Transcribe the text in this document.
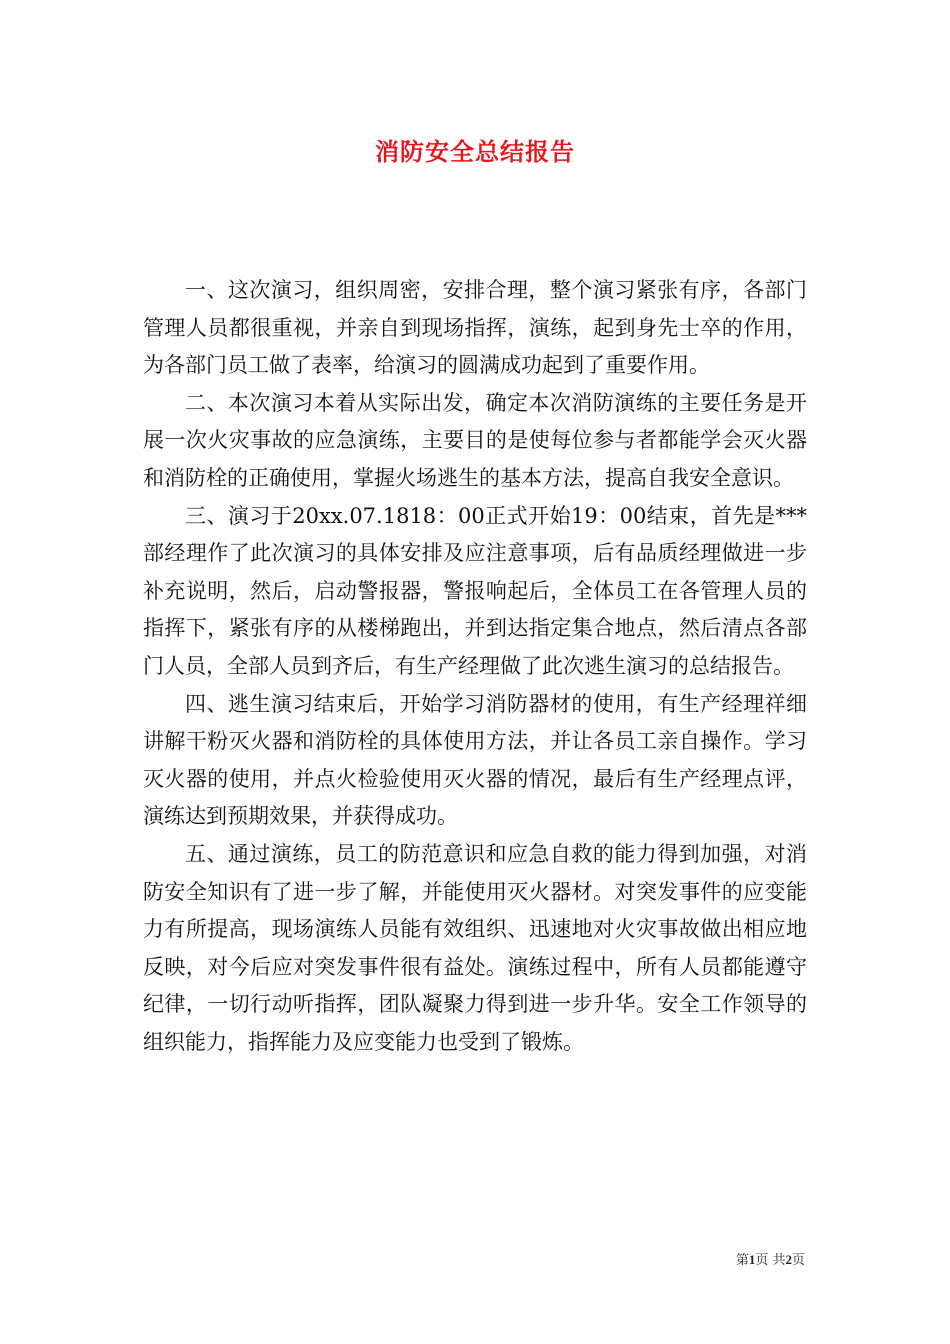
消防安全总结报告

一、这次演习，组织周密，安排合理，整个演习紧张有序，各部门管理人员都很重视，并亲自到现场指挥，演练，起到身先士卒的作用，为各部门员工做了表率，给演习的圆满成功起到了重要作用。

二、本次演习本着从实际出发，确定本次消防演练的主要任务是开展一次火灾事故的应急演练，主要目的是使每位参与者都能学会灭火器和消防栓的正确使用，掌握火场逃生的基本方法，提高自我安全意识。

三、演习于20xx.07.1818：00正式开始19：00结束，首先是***部经理作了此次演习的具体安排及应注意事项，后有品质经理做进一步补充说明，然后，启动警报器，警报响起后，全体员工在各管理人员的指挥下，紧张有序的从楼梯跑出，并到达指定集合地点，然后清点各部门人员，全部人员到齐后，有生产经理做了此次逃生演习的总结报告。

四、逃生演习结束后，开始学习消防器材的使用，有生产经理祥细讲解干粉灭火器和消防栓的具体使用方法，并让各员工亲自操作。学习灭火器的使用，并点火检验使用灭火器的情况，最后有生产经理点评，演练达到预期效果，并获得成功。

五、通过演练，员工的防范意识和应急自救的能力得到加强，对消防安全知识有了进一步了解，并能使用灭火器材。对突发事件的应变能力有所提高，现场演练人员能有效组织、迅速地对火灾事故做出相应地反映，对今后应对突发事件很有益处。演练过程中，所有人员都能遵守纪律，一切行动听指挥，团队凝聚力得到进一步升华。安全工作领导的组织能力，指挥能力及应变能力也受到了锻炼。

第1页 共2页
